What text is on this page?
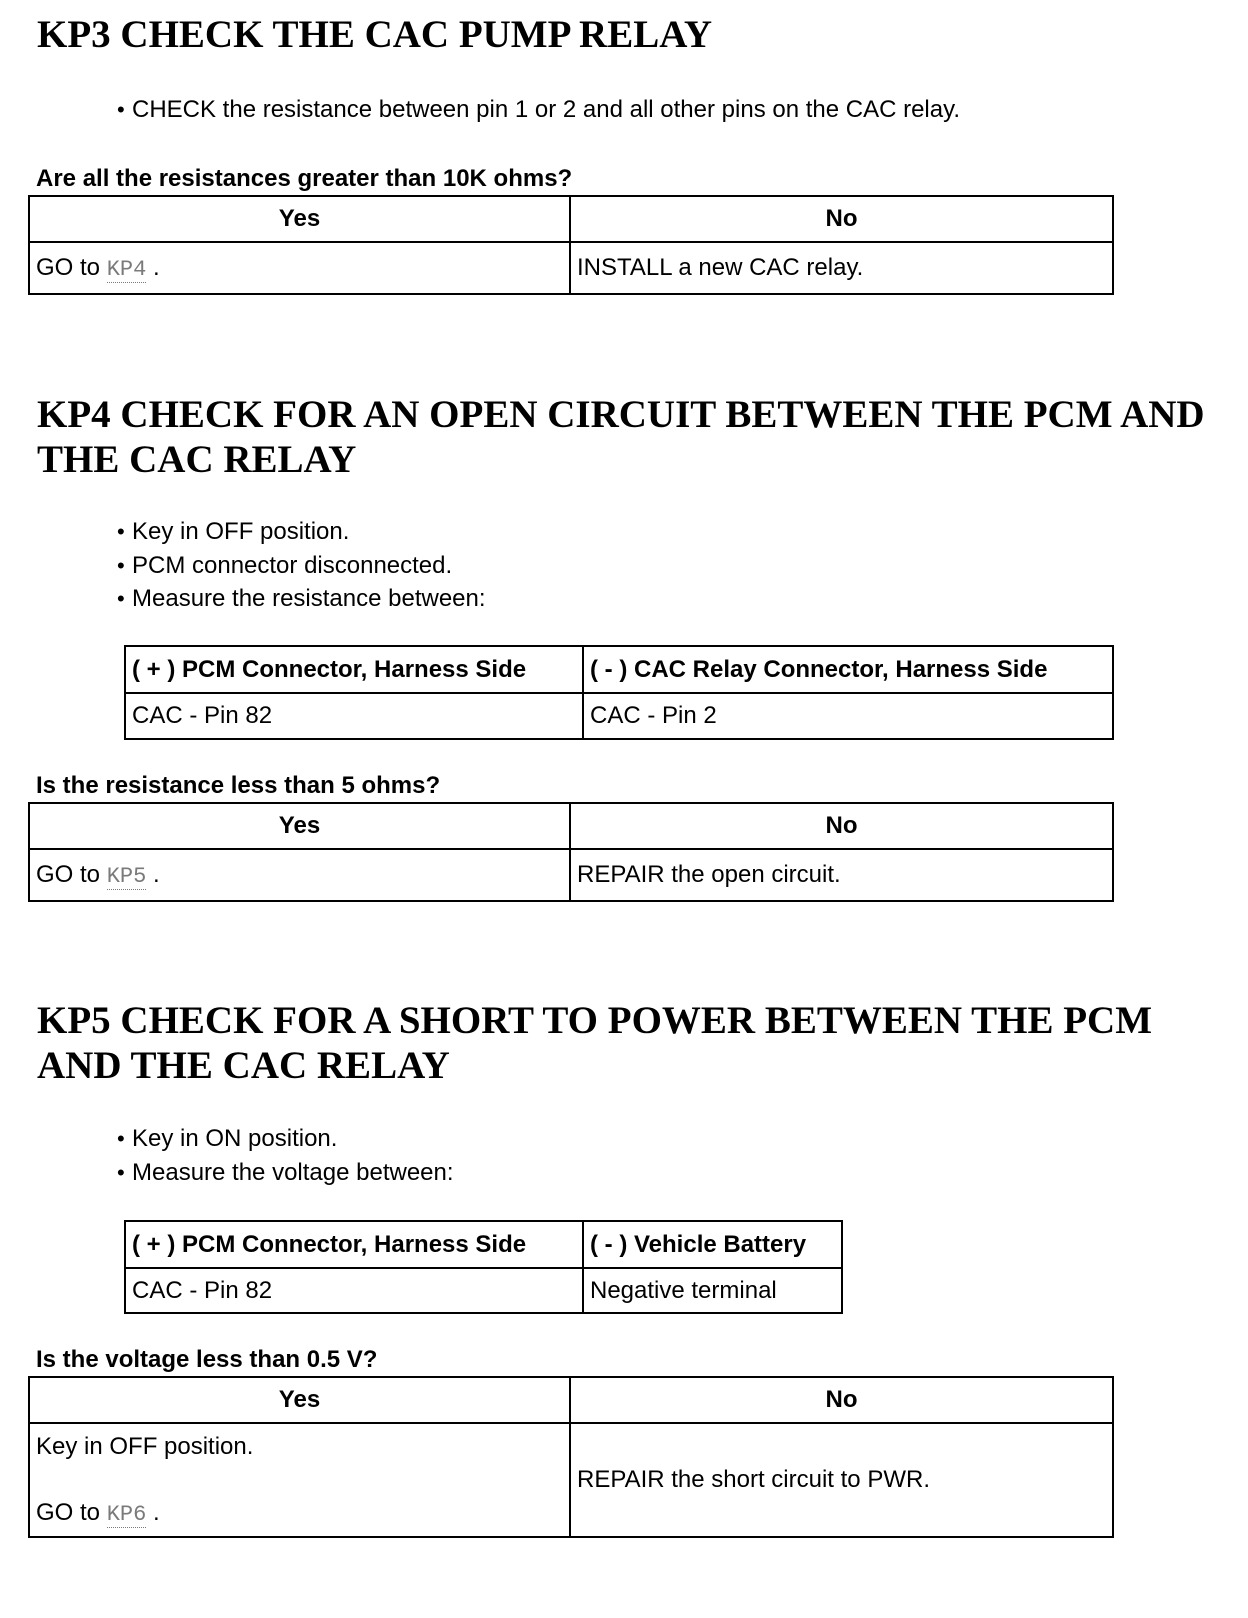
KP3 CHECK THE CAC PUMP RELAY
• CHECK the resistance between pin 1 or 2 and all other pins on the CAC relay.
Are all the resistances greater than 10K ohms?
Yes	No
GO to KP4 .	INSTALL a new CAC relay.
KP4 CHECK FOR AN OPEN CIRCUIT BETWEEN THE PCM AND
THE CAC RELAY
• Key in OFF position.
• PCM connector disconnected.
• Measure the resistance between:
( + ) PCM Connector, Harness Side	( - ) CAC Relay Connector, Harness Side
CAC - Pin 82	CAC - Pin 2
Is the resistance less than 5 ohms?
Yes	No
GO to KP5 .	REPAIR the open circuit.
KP5 CHECK FOR A SHORT TO POWER BETWEEN THE PCM
AND THE CAC RELAY
• Key in ON position.
• Measure the voltage between:
( + ) PCM Connector, Harness Side	( - ) Vehicle Battery
CAC - Pin 82	Negative terminal
Is the voltage less than 0.5 V?
Yes	No

Key in OFF position.
GO to KP6 .	REPAIR the short circuit to PWR.
